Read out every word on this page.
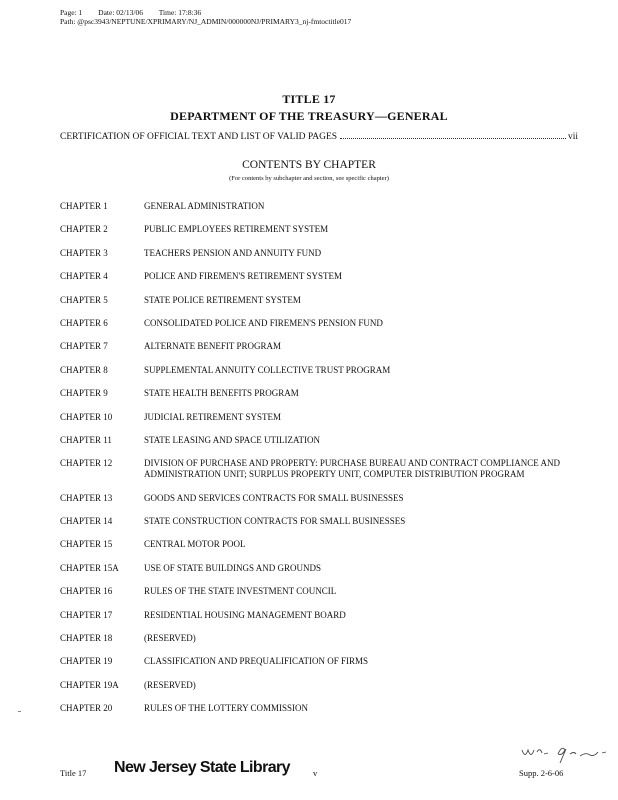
Page: 1 Date: 02/13/06 Time: 17:8:36
Path: @psc3943/NEPTUNE/XPRIMARY/NJ_ADMIN/000000NJ/PRIMARY3_nj-fmtoctitle017
TITLE 17
DEPARTMENT OF THE TREASURY—GENERAL
CERTIFICATION OF OFFICIAL TEXT AND LIST OF VALID PAGES	vii
CONTENTS BY CHAPTER
(For contents by subchapter and section, see specific chapter)
CHAPTER 1	GENERAL ADMINISTRATION
CHAPTER 2	PUBLIC EMPLOYEES RETIREMENT SYSTEM
CHAPTER 3	TEACHERS PENSION AND ANNUITY FUND
CHAPTER 4	POLICE AND FIREMEN'S RETIREMENT SYSTEM
CHAPTER 5	STATE POLICE RETIREMENT SYSTEM
CHAPTER 6	CONSOLIDATED POLICE AND FIREMEN'S PENSION FUND
CHAPTER 7	ALTERNATE BENEFIT PROGRAM
CHAPTER 8	SUPPLEMENTAL ANNUITY COLLECTIVE TRUST PROGRAM
CHAPTER 9	STATE HEALTH BENEFITS PROGRAM
CHAPTER 10	JUDICIAL RETIREMENT SYSTEM
CHAPTER 11	STATE LEASING AND SPACE UTILIZATION
CHAPTER 12	DIVISION OF PURCHASE AND PROPERTY: PURCHASE BUREAU AND CONTRACT COMPLIANCE AND ADMINISTRATION UNIT; SURPLUS PROPERTY UNIT, COMPUTER DISTRIBUTION PROGRAM
CHAPTER 13	GOODS AND SERVICES CONTRACTS FOR SMALL BUSINESSES
CHAPTER 14	STATE CONSTRUCTION CONTRACTS FOR SMALL BUSINESSES
CHAPTER 15	CENTRAL MOTOR POOL
CHAPTER 15A	USE OF STATE BUILDINGS AND GROUNDS
CHAPTER 16	RULES OF THE STATE INVESTMENT COUNCIL
CHAPTER 17	RESIDENTIAL HOUSING MANAGEMENT BOARD
CHAPTER 18	(RESERVED)
CHAPTER 19	CLASSIFICATION AND PREQUALIFICATION OF FIRMS
CHAPTER 19A	(RESERVED)
CHAPTER 20	RULES OF THE LOTTERY COMMISSION
Title 17 New Jersey State Library	v	Supp. 2-6-06
